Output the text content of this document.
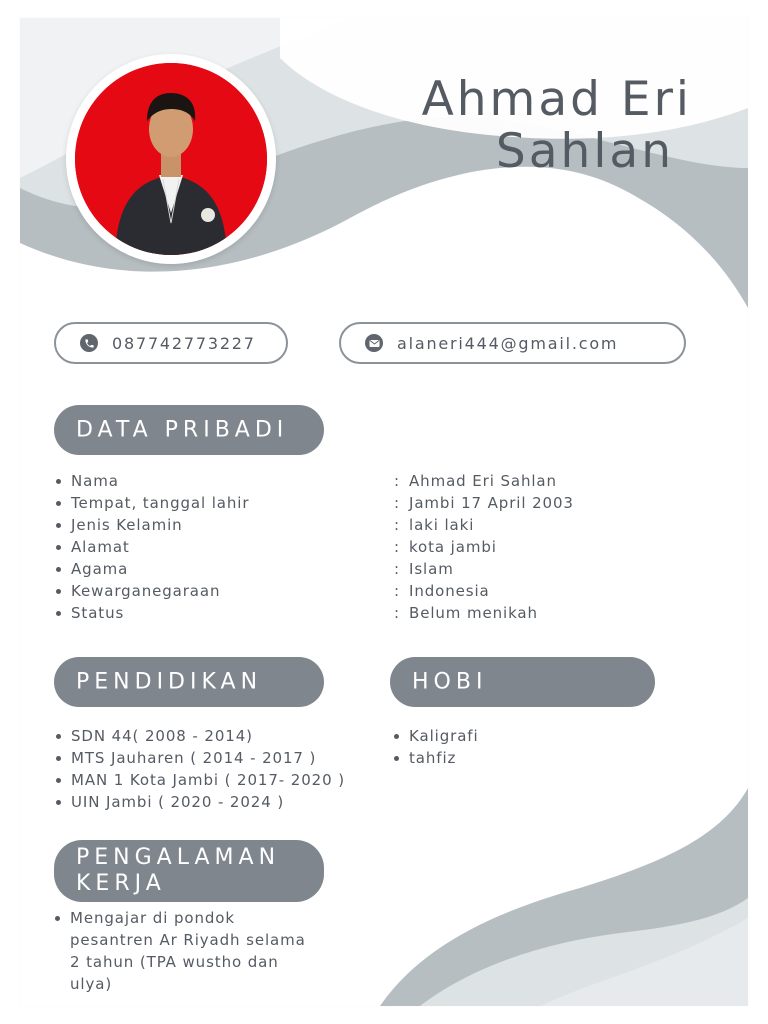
Ahmad Eri
Sahlan
087742773227	alaneri444@gmail.com
DATA PRIBADI
Nama
Tempat, tanggal lahir
Jenis Kelamin
Alamat
Agama
Kewarganegaraan
Status
: Ahmad Eri Sahlan
: Jambi 17 April 2003
: laki laki
: kota jambi
: Islam
: Indonesia
: Belum menikah
PENDIDIKAN
SDN 44( 2008 - 2014)
MTS Jauharen ( 2014 - 2017 )
MAN 1 Kota Jambi ( 2017- 2020 )
UIN Jambi ( 2020 - 2024 )
HOBI
Kaligrafi
tahfiz
PENGALAMAN
KERJA
Mengajar di pondok pesantren Ar Riyadh selama 2 tahun (TPA wustho dan ulya)
